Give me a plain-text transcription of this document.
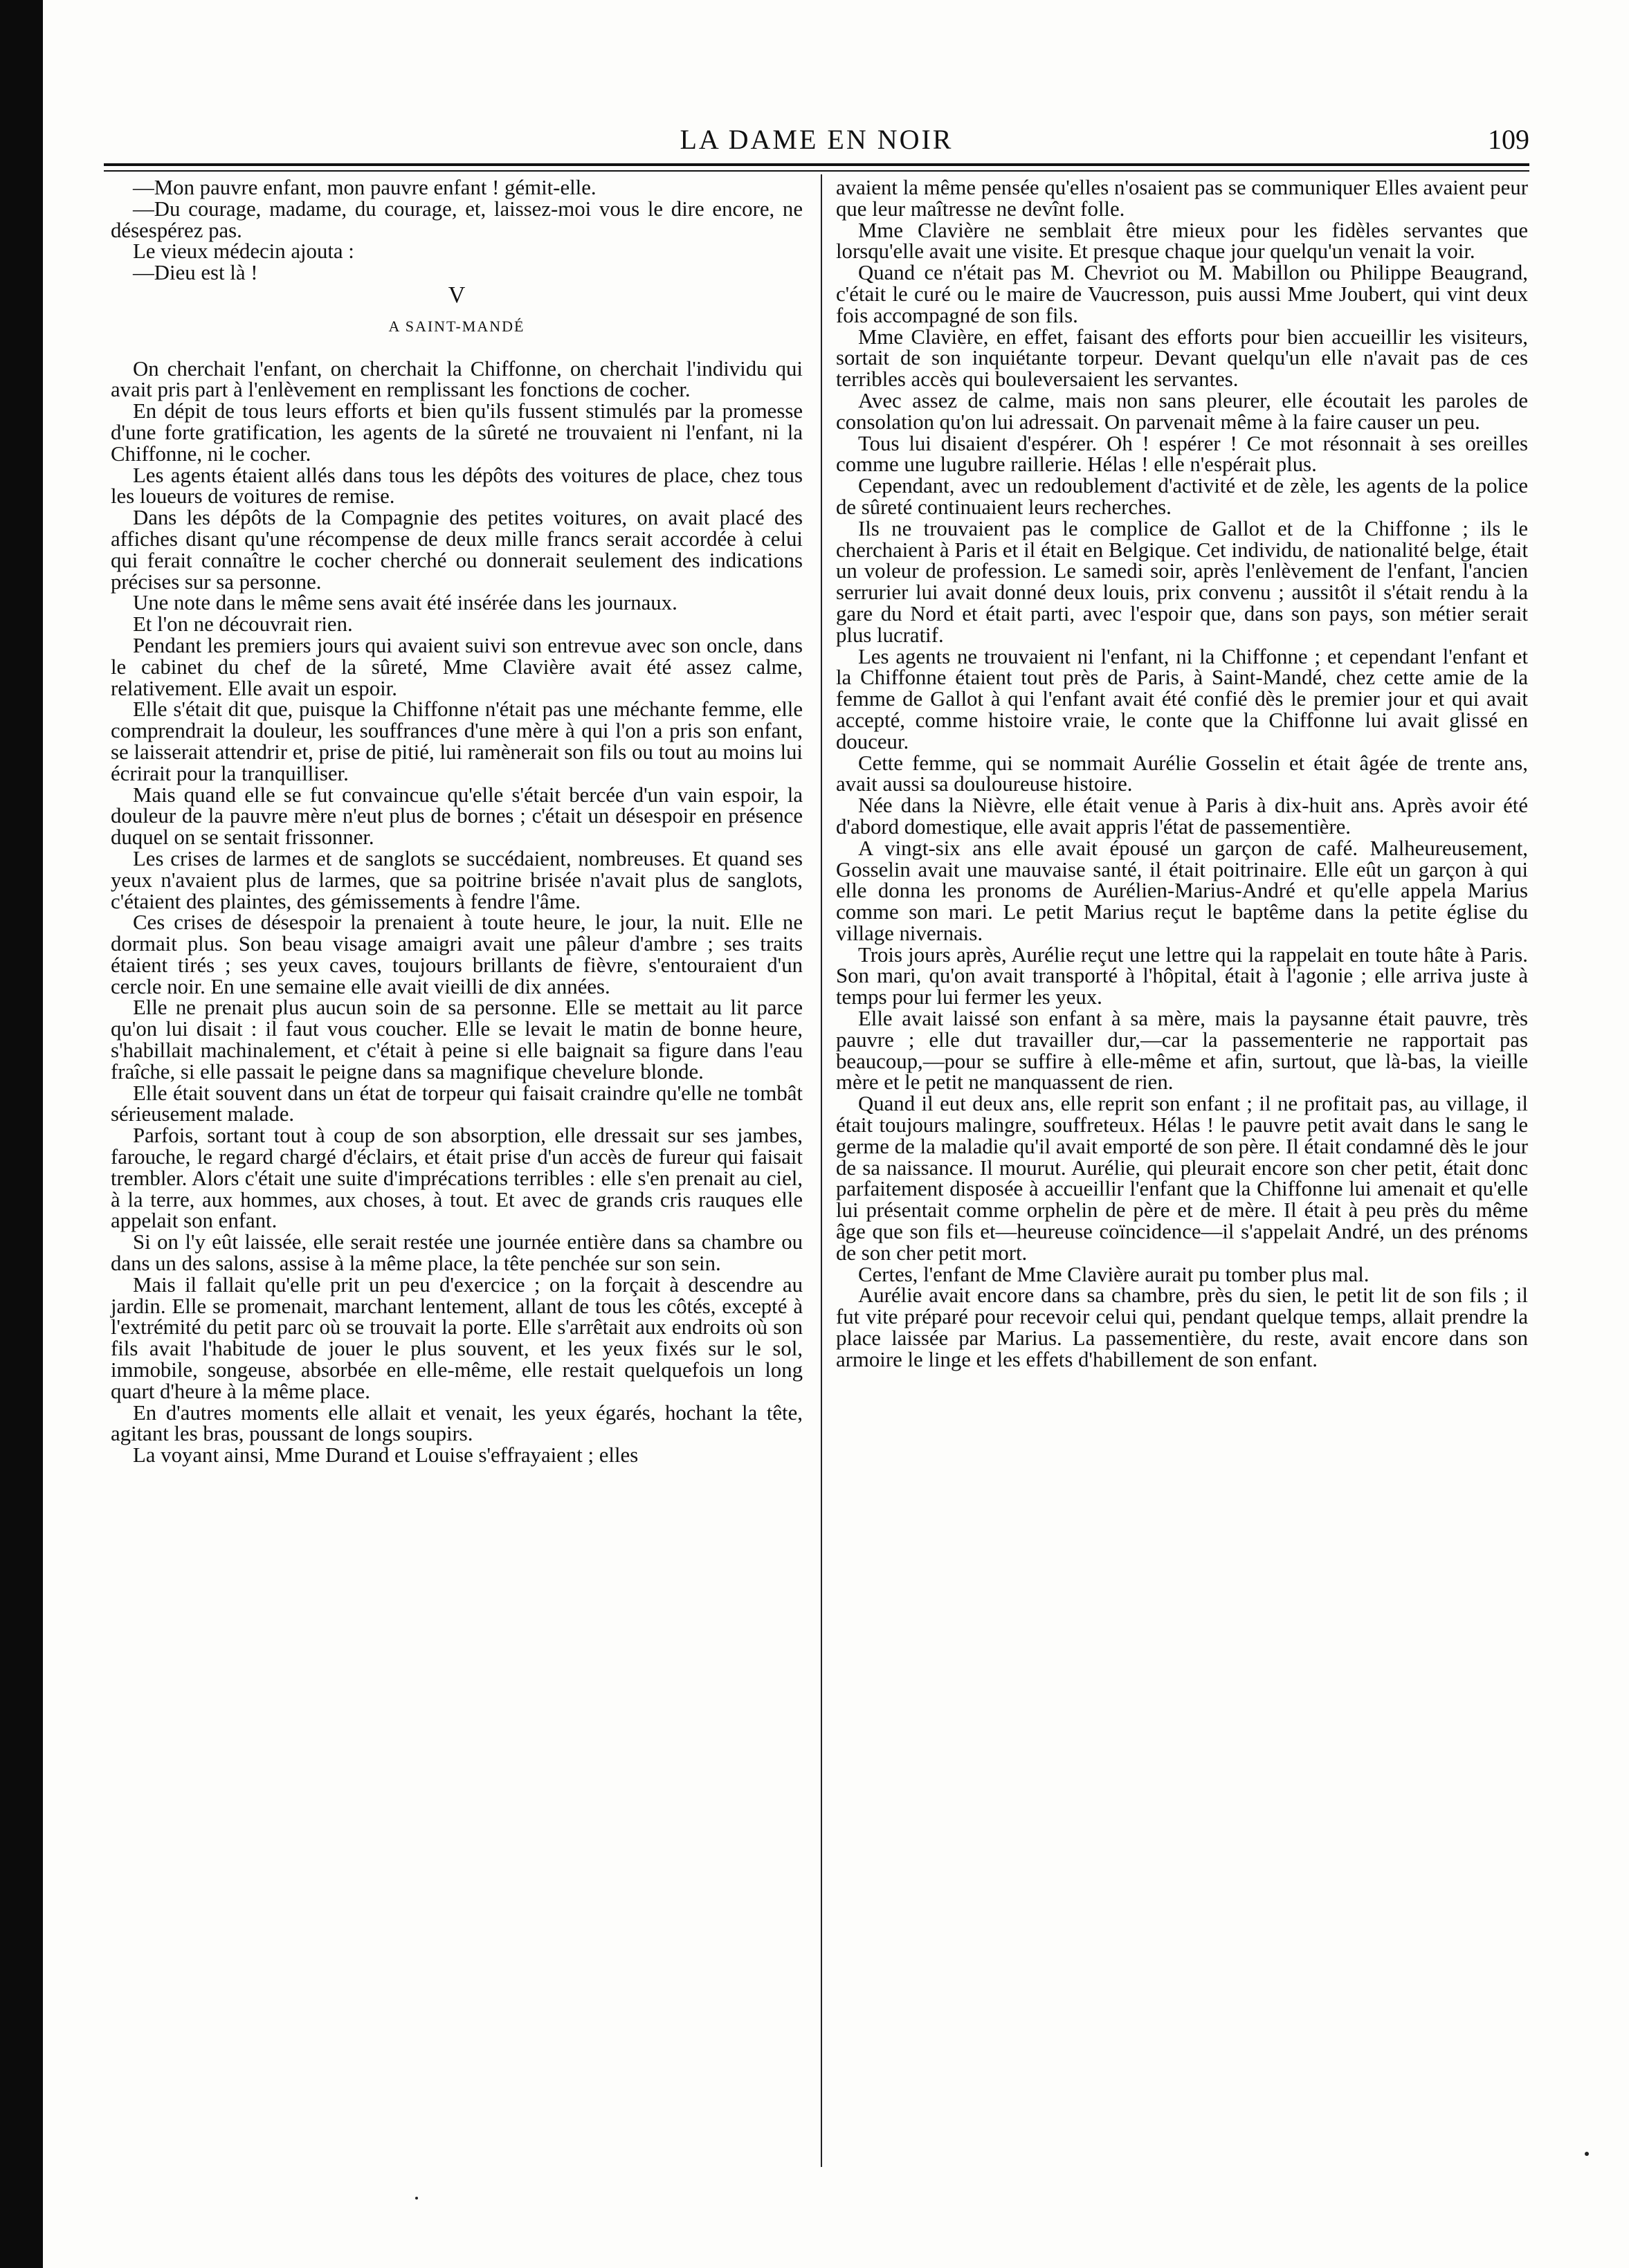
LA DAME EN NOIR	109

—Mon pauvre enfant, mon pauvre enfant ! gémit-elle.

—Du courage, madame, du courage, et, laissez-moi vous le dire encore, ne désespérez pas.

Le vieux médecin ajouta :

—Dieu est là !

V
A SAINT-MANDÉ

On cherchait l'enfant, on cherchait la Chiffonne, on cherchait l'individu qui avait pris part à l'enlèvement en remplissant les fonctions de cocher.

En dépit de tous leurs efforts et bien qu'ils fussent stimulés par la promesse d'une forte gratification, les agents de la sûreté ne trouvaient ni l'enfant, ni la Chiffonne, ni le cocher.

Les agents étaient allés dans tous les dépôts des voitures de place, chez tous les loueurs de voitures de remise.

Dans les dépôts de la Compagnie des petites voitures, on avait placé des affiches disant qu'une récompense de deux mille francs serait accordée à celui qui ferait connaître le cocher cherché ou donnerait seulement des indications précises sur sa personne.

Une note dans le même sens avait été insérée dans les journaux.

Et l'on ne découvrait rien.

Pendant les premiers jours qui avaient suivi son entrevue avec son oncle, dans le cabinet du chef de la sûreté, Mme Clavière avait été assez calme, relativement. Elle avait un espoir.

Elle s'était dit que, puisque la Chiffonne n'était pas une méchante femme, elle comprendrait la douleur, les souffrances d'une mère à qui l'on a pris son enfant, se laisserait attendrir et, prise de pitié, lui ramènerait son fils ou tout au moins lui écrirait pour la tranquilliser.

Mais quand elle se fut convaincue qu'elle s'était bercée d'un vain espoir, la douleur de la pauvre mère n'eut plus de bornes ; c'était un désespoir en présence duquel on se sentait frissonner.

Les crises de larmes et de sanglots se succédaient, nombreuses. Et quand ses yeux n'avaient plus de larmes, que sa poitrine brisée n'avait plus de sanglots, c'étaient des plaintes, des gémissements à fendre l'âme.

Ces crises de désespoir la prenaient à toute heure, le jour, la nuit. Elle ne dormait plus. Son beau visage amaigri avait une pâleur d'ambre ; ses traits étaient tirés ; ses yeux caves, toujours brillants de fièvre, s'entouraient d'un cercle noir. En une semaine elle avait vieilli de dix années.

Elle ne prenait plus aucun soin de sa personne. Elle se mettait au lit parce qu'on lui disait : il faut vous coucher. Elle se levait le matin de bonne heure, s'habillait machinalement, et c'était à peine si elle baignait sa figure dans l'eau fraîche, si elle passait le peigne dans sa magnifique chevelure blonde.

Elle était souvent dans un état de torpeur qui faisait craindre qu'elle ne tombât sérieusement malade.

Parfois, sortant tout à coup de son absorption, elle dressait sur ses jambes, farouche, le regard chargé d'éclairs, et était prise d'un accès de fureur qui faisait trembler. Alors c'était une suite d'imprécations terribles : elle s'en prenait au ciel, à la terre, aux hommes, aux choses, à tout. Et avec de grands cris rauques elle appelait son enfant.

Si on l'y eût laissée, elle serait restée une journée entière dans sa chambre ou dans un des salons, assise à la même place, la tête penchée sur son sein.

Mais il fallait qu'elle prit un peu d'exercice ; on la forçait à descendre au jardin. Elle se promenait, marchant lentement, allant de tous les côtés, excepté à l'extrémité du petit parc où se trouvait la porte. Elle s'arrêtait aux endroits où son fils avait l'habitude de jouer le plus souvent, et les yeux fixés sur le sol, immobile, songeuse, absorbée en elle-même, elle restait quelquefois un long quart d'heure à la même place.

En d'autres moments elle allait et venait, les yeux égarés, hochant la tête, agitant les bras, poussant de longs soupirs.

La voyant ainsi, Mme Durand et Louise s'effrayaient ; elles

avaient la même pensée qu'elles n'osaient pas se communiquer Elles avaient peur que leur maîtresse ne devînt folle.

Mme Clavière ne semblait être mieux pour les fidèles servantes que lorsqu'elle avait une visite. Et presque chaque jour quelqu'un venait la voir.

Quand ce n'était pas M. Chevriot ou M. Mabillon ou Philippe Beaugrand, c'était le curé ou le maire de Vaucresson, puis aussi Mme Joubert, qui vint deux fois accompagné de son fils.

Mme Clavière, en effet, faisant des efforts pour bien accueillir les visiteurs, sortait de son inquiétante torpeur. Devant quelqu'un elle n'avait pas de ces terribles accès qui bouleversaient les servantes.

Avec assez de calme, mais non sans pleurer, elle écoutait les paroles de consolation qu'on lui adressait. On parvenait même à la faire causer un peu.

Tous lui disaient d'espérer. Oh ! espérer ! Ce mot résonnait à ses oreilles comme une lugubre raillerie. Hélas ! elle n'espérait plus.

Cependant, avec un redoublement d'activité et de zèle, les agents de la police de sûreté continuaient leurs recherches.

Ils ne trouvaient pas le complice de Gallot et de la Chiffonne ; ils le cherchaient à Paris et il était en Belgique. Cet individu, de nationalité belge, était un voleur de profession. Le samedi soir, après l'enlèvement de l'enfant, l'ancien serrurier lui avait donné deux louis, prix convenu ; aussitôt il s'était rendu à la gare du Nord et était parti, avec l'espoir que, dans son pays, son métier serait plus lucratif.

Les agents ne trouvaient ni l'enfant, ni la Chiffonne ; et cependant l'enfant et la Chiffonne étaient tout près de Paris, à Saint-Mandé, chez cette amie de la femme de Gallot à qui l'enfant avait été confié dès le premier jour et qui avait accepté, comme histoire vraie, le conte que la Chiffonne lui avait glissé en douceur.

Cette femme, qui se nommait Aurélie Gosselin et était âgée de trente ans, avait aussi sa douloureuse histoire.

Née dans la Nièvre, elle était venue à Paris à dix-huit ans. Après avoir été d'abord domestique, elle avait appris l'état de passementière.

A vingt-six ans elle avait épousé un garçon de café. Malheureusement, Gosselin avait une mauvaise santé, il était poitrinaire. Elle eût un garçon à qui elle donna les pronoms de Aurélien-Marius-André et qu'elle appela Marius comme son mari. Le petit Marius reçut le baptême dans la petite église du village nivernais.

Trois jours après, Aurélie reçut une lettre qui la rappelait en toute hâte à Paris. Son mari, qu'on avait transporté à l'hôpital, était à l'agonie ; elle arriva juste à temps pour lui fermer les yeux.

Elle avait laissé son enfant à sa mère, mais la paysanne était pauvre, très pauvre ; elle dut travailler dur,—car la passementerie ne rapportait pas beaucoup,—pour se suffire à elle-même et afin, surtout, que là-bas, la vieille mère et le petit ne manquassent de rien.

Quand il eut deux ans, elle reprit son enfant ; il ne profitait pas, au village, il était toujours malingre, souffreteux. Hélas ! le pauvre petit avait dans le sang le germe de la maladie qu'il avait emporté de son père. Il était condamné dès le jour de sa naissance. Il mourut. Aurélie, qui pleurait encore son cher petit, était donc parfaitement disposée à accueillir l'enfant que la Chiffonne lui amenait et qu'elle lui présentait comme orphelin de père et de mère. Il était à peu près du même âge que son fils et—heureuse coïncidence—il s'appelait André, un des prénoms de son cher petit mort.

Certes, l'enfant de Mme Clavière aurait pu tomber plus mal.

Aurélie avait encore dans sa chambre, près du sien, le petit lit de son fils ; il fut vite préparé pour recevoir celui qui, pendant quelque temps, allait prendre la place laissée par Marius. La passementière, du reste, avait encore dans son armoire le linge et les effets d'habillement de son enfant.
